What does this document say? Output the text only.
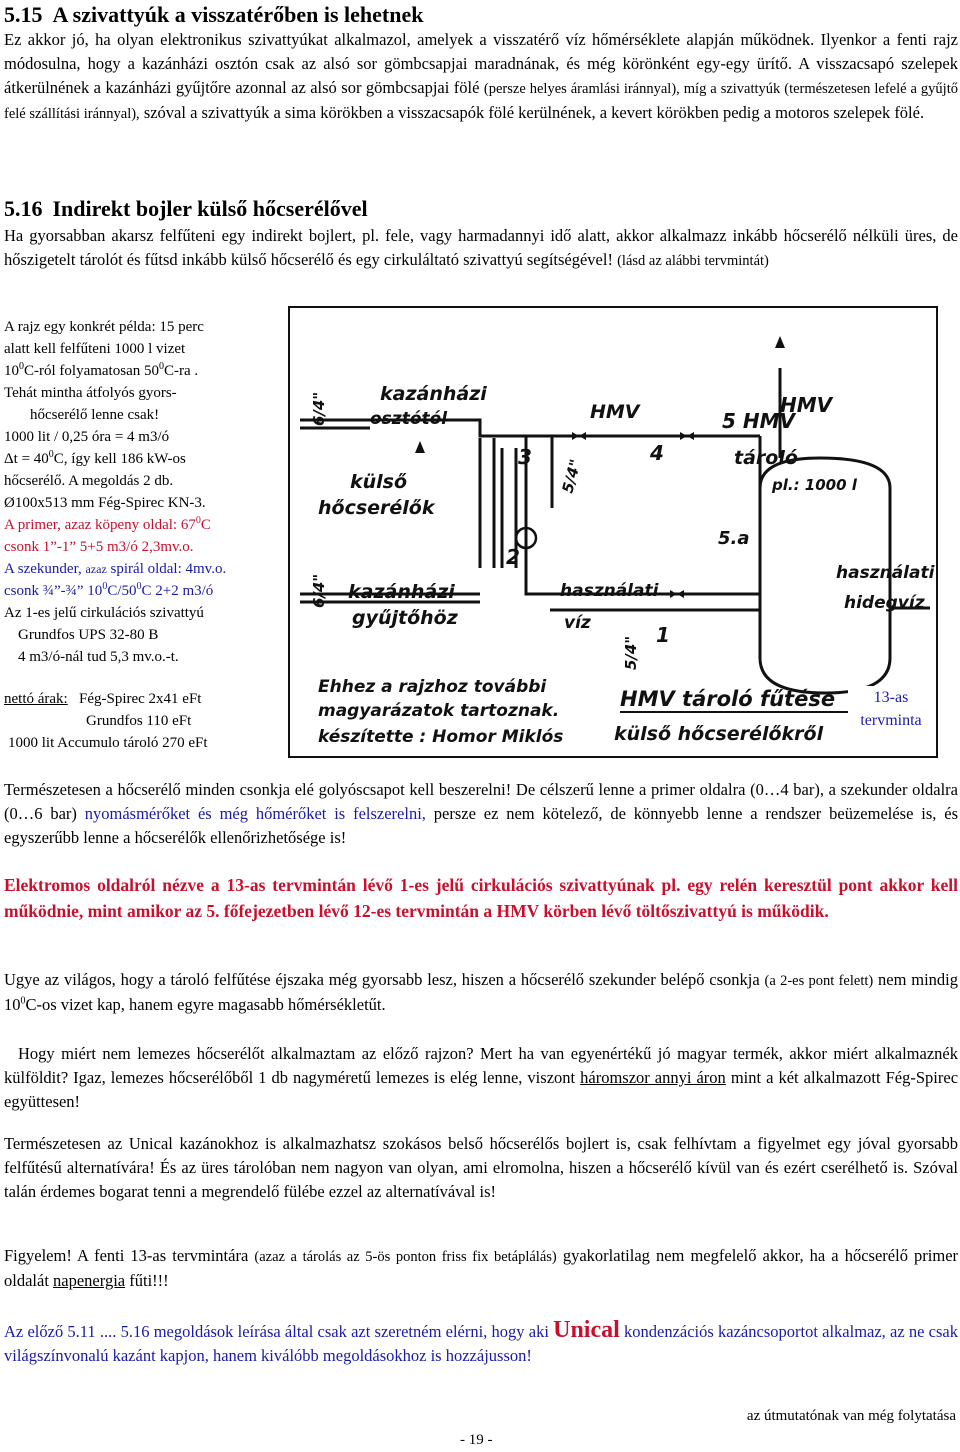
5.15 A szivattyúk a visszatérőben is lehetnek

Ez akkor jó, ha olyan elektronikus szivattyúkat alkalmazol, amelyek a visszatérő víz hőmérséklete alapján működnek. Ilyenkor a fenti rajz módosulna, hogy a kazánházi osztón csak az alsó sor gömbcsapjai maradnának, és még körönként egy-egy ürítő. A visszacsapó szelepek átkerülnének a kazánházi gyűjtőre azonnal az alsó sor gömbcsapjai fölé (persze helyes áramlási iránnyal), míg a szivattyúk (természetesen lefelé a gyűjtő felé szállítási iránnyal), szóval a szivattyúk a sima körökben a visszacsapók fölé kerülnének, a kevert körökben pedig a motoros szelepek fölé.

5.16 Indirekt bojler külső hőcserélővel

Ha gyorsabban akarsz felfűteni egy indirekt bojlert, pl. fele, vagy harmadannyi idő alatt, akkor alkalmazz inkább hőcserélő nélküli üres, de hőszigetelt tárolót és fűtsd inkább külső hőcserélő és egy cirkuláltató szivattyú segítségével! (lásd az alábbi tervmintát)

A rajz egy konkrét példa: 15 perc
alatt kell felfűteni 1000 l vizet
$10^0C$-ról folyamatosan $50^0C-ra$ .
Tehát mintha átfolyós gyors-
hőcserélő lenne csak!
1000 lit / 0,25 óra = 4 m3/ó
$\Delta t = 40^0C$, így kell 186 kW-os
hőcserélő. A megoldás 2 db.
Ø100x513 mm Fég-Spirec KN-3.
A primer, azaz köpeny oldal: $67^0C$
csonk 1”-1” 5+5 m3/ó 2,3mv.o.
A szekunder, azaz spirál oldal: 4mv.o.
csonk ¾”-¾” $10^0C/50^0C$ 2+2 m3/ó
Az 1-es jelű cirkulációs szivattyú
Grundfos UPS 32-80 B
4 m3/ó-nál tud 5,3 mv.o.-t.
nettó árak: Fég-Spirec 2x41 eFt
Grundfos 110 eFt
1000 lit Accumulo tároló 270 eFt
kazánházi
osztótól
6/4"
külső
hőcserélők
HMV
HMV
3	4
2
1
5/4"
5/4"
5 HMV
tároló
pl.: 1000 l
5.a
kazánházi
gyűjtőhöz
6/4"	használati
víz
használati
hidegvíz
Ehhez a rajzhoz további
magyarázatok tartoznak.
készítette : Homor Miklós
HMV tároló fűtése
külső hőcserélőkről
13-as
tervminta

Természetesen a hőcserélő minden csonkja elé golyóscsapot kell beszerelni! De célszerű lenne a primer oldalra (0…4 bar), a szekunder oldalra (0…6 bar) nyomásmérőket és még hőmérőket is felszerelni, persze ez nem kötelező, de könnyebb lenne a rendszer beüzemelése is, és egyszerűbb lenne a hőcserélők ellenőrizhetősége is!

Elektromos oldalról nézve a 13-as tervmintán lévő 1-es jelű cirkulációs szivattyúnak pl. egy relén keresztül pont akkor kell működnie, mint amikor az 5. főfejezetben lévő 12-es tervmintán a HMV körben lévő töltőszivattyú is működik.

Ugye az világos, hogy a tároló felfűtése éjszaka még gyorsabb lesz, hiszen a hőcserélő szekunder belépő csonkja (a 2-es pont felett) nem mindig $10^0C-os$ vizet kap, hanem egyre magasabb hőmérsékletűt.

Hogy miért nem lemezes hőcserélőt alkalmaztam az előző rajzon? Mert ha van egyenértékű jó magyar termék, akkor miért alkalmaznék külföldit? Igaz, lemezes hőcserélőből 1 db nagyméretű lemezes is elég lenne, viszont háromszor annyi áron mint a két alkalmazott Fég-Spirec együttesen!

Természetesen az Unical kazánokhoz is alkalmazhatsz szokásos belső hőcserélős bojlert is, csak felhívtam a figyelmet egy jóval gyorsabb felfűtésű alternatívára! És az üres tárolóban nem nagyon van olyan, ami elromolna, hiszen a hőcserélő kívül van és ezért cserélhető is. Szóval talán érdemes bogarat tenni a megrendelő fülébe ezzel az alternatívával is!

Figyelem! A fenti 13-as tervmintára (azaz a tárolás az 5-ös ponton friss fix betáplálás) gyakorlatilag nem megfelelő akkor, ha a hőcserélő primer oldalát napenergia fűti!!!

Az előző 5.11 .... 5.16 megoldások leírása által csak azt szeretném elérni, hogy aki Unical kondenzációs kazáncsoportot alkalmaz, az ne csak világszínvonalú kazánt kapjon, hanem kiválóbb megoldásokhoz is hozzájusson!

az útmutatónak van még folytatása
- 19 -
